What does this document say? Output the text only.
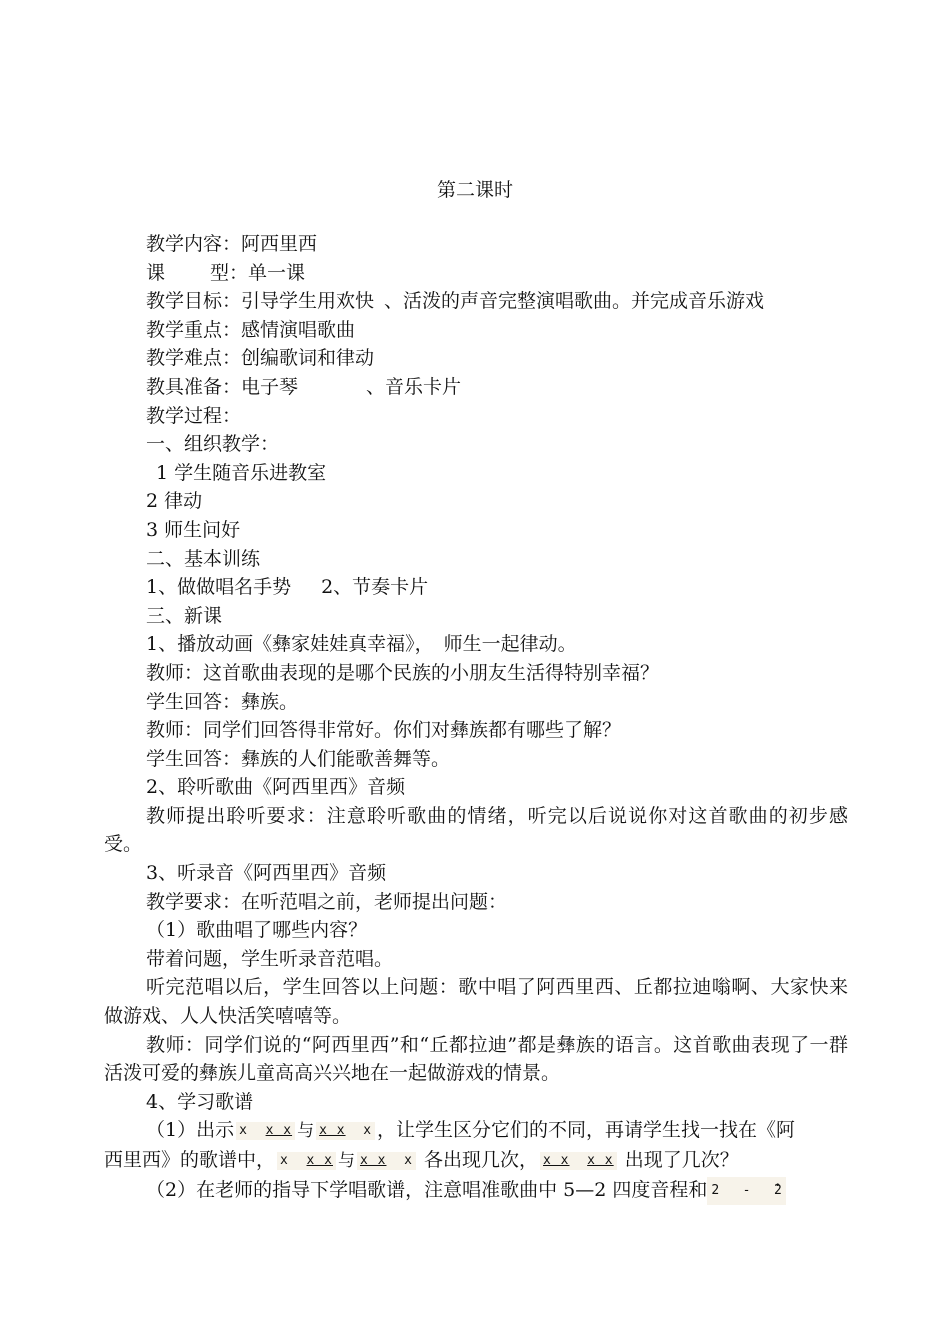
第二课时

教学内容：阿西里西

课 型：单一课

教学目标：引导学生用欢快 、活泼的声音完整演唱歌曲。并完成音乐游戏

教学重点：感情演唱歌曲

教学难点：创编歌词和律动

教具准备：电子琴	、音乐卡片

教学过程：

一、组织教学：

1 学生随音乐进教室

2 律动

3 师生问好

二、基本训练

1、做做唱名手势 2、节奏卡片

三、新课

1、播放动画《彝家娃娃真幸福》， 师生一起律动。

教师：这首歌曲表现的是哪个民族的小朋友生活得特别幸福？

学生回答：彝族。

教师：同学们回答得非常好。你们对彝族都有哪些了解？

学生回答：彝族的人们能歌善舞等。

2、聆听歌曲《阿西里西》音频

教师提出聆听要求：注意聆听歌曲的情绪，听完以后说说你对这首歌曲的初步感受。

3、听录音《阿西里西》音频

教学要求：在听范唱之前，老师提出问题：

（1）歌曲唱了哪些内容？

带着问题，学生听录音范唱。

听完范唱以后，学生回答以上问题：歌中唱了阿西里西、丘都拉迪嗡啊、大家快来做游戏、人人快活笑嘻嘻等。

教师：同学们说的“阿西里西”和“丘都拉迪”都是彝族的语言。这首歌曲表现了一群活泼可爱的彝族儿童高高兴兴地在一起做游戏的情景。

4、学习歌谱

（1）出示 x x x 与 x x x ，让学生区分它们的不同，再请学生找一找在《阿

西里西》的歌谱中， x x x 与 x x x 各出现几次， x x x x 出现了几次？

（2）在老师的指导下学唱歌谱，注意唱准歌曲中 5—2 四度音程和 2 -   • 2
